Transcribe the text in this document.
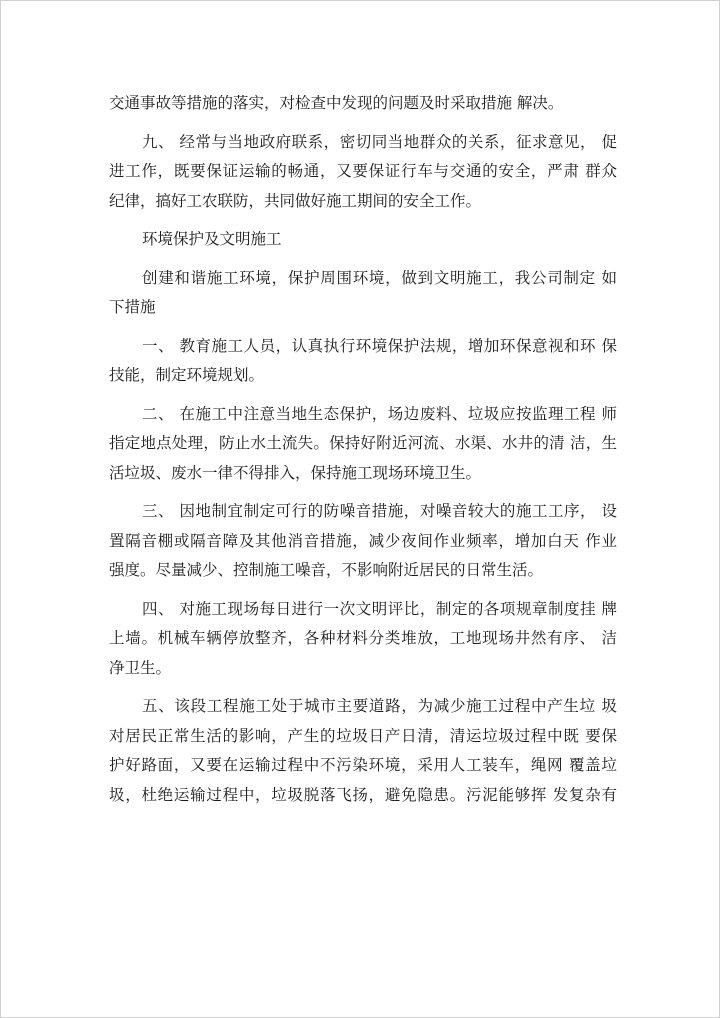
交通事故等措施的落实，对检查中发现的问题及时采取措施 解决。
九、 经常与当地政府联系，密切同当地群众的关系，征求意见， 促
进工作，既要保证运输的畅通，又要保证行车与交通的安全，严肃 群众
纪律，搞好工农联防，共同做好施工期间的安全工作。
环境保护及文明施工
创建和谐施工环境，保护周围环境，做到文明施工，我公司制定 如
下措施
一、 教育施工人员，认真执行环境保护法规，增加环保意视和环 保
技能，制定环境规划。
二、 在施工中注意当地生态保护，场边废料、垃圾应按监理工程 师
指定地点处理，防止水土流失。保持好附近河流、水渠、水井的清 洁，生
活垃圾、废水一律不得排入，保持施工现场环境卫生。
三、 因地制宜制定可行的防噪音措施，对噪音较大的施工工序， 设
置隔音棚或隔音障及其他消音措施，减少夜间作业频率，增加白天 作业
强度。尽量减少、控制施工噪音，不影响附近居民的日常生活。
四、 对施工现场每日进行一次文明评比，制定的各项规章制度挂 牌
上墙。机械车辆停放整齐，各种材料分类堆放，工地现场井然有序、 洁
净卫生。
五、该段工程施工处于城市主要道路，为减少施工过程中产生垃 圾
对居民正常生活的影响，产生的垃圾日产日清，清运垃圾过程中既 要保
护好路面，又要在运输过程中不污染环境，采用人工装车，绳网 覆盖垃
圾，杜绝运输过程中，垃圾脱落飞扬，避免隐患。污泥能够挥 发复杂有
